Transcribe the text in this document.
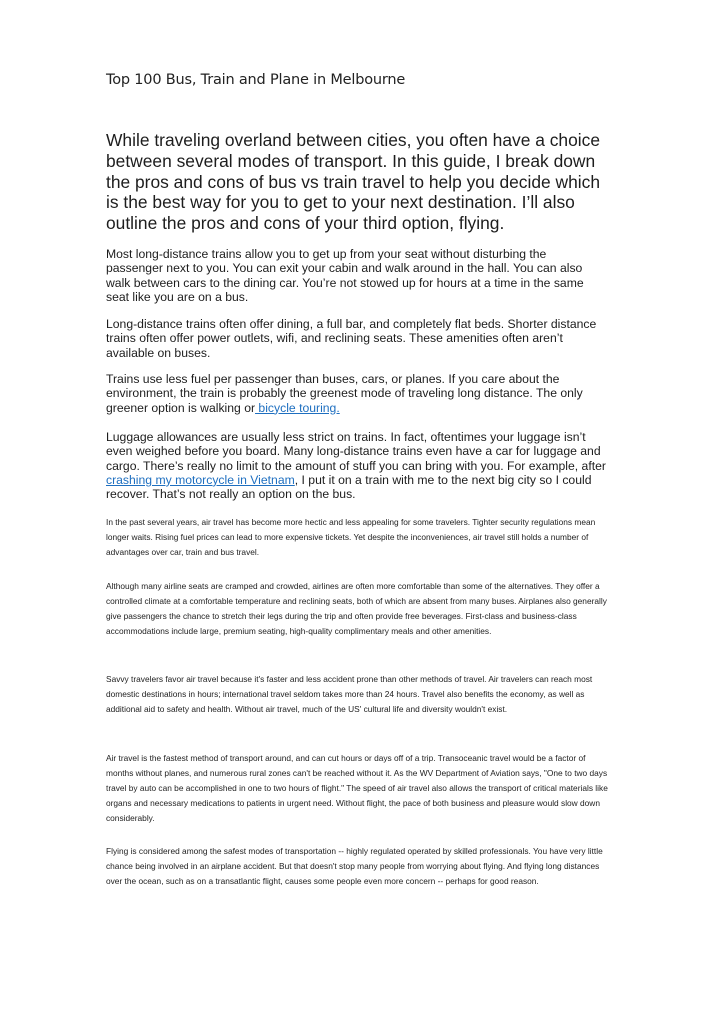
Top 100 Bus, Train and Plane in Melbourne

While traveling overland between cities, you often have a choice between several modes of transport. In this guide, I break down the pros and cons of bus vs train travel to help you decide which is the best way for you to get to your next destination. I’ll also outline the pros and cons of your third option, flying.

Most long-distance trains allow you to get up from your seat without disturbing the passenger next to you. You can exit your cabin and walk around in the hall. You can also walk between cars to the dining car. You’re not stowed up for hours at a time in the same seat like you are on a bus.

Long-distance trains often offer dining, a full bar, and completely flat beds. Shorter distance trains often offer power outlets, wifi, and reclining seats. These amenities often aren’t available on buses.

Trains use less fuel per passenger than buses, cars, or planes. If you care about the environment, the train is probably the greenest mode of traveling long distance. The only greener option is walking or bicycle touring.

Luggage allowances are usually less strict on trains. In fact, oftentimes your luggage isn’t even weighed before you board. Many long-distance trains even have a car for luggage and cargo. There’s really no limit to the amount of stuff you can bring with you. For example, after crashing my motorcycle in Vietnam, I put it on a train with me to the next big city so I could recover. That’s not really an option on the bus.

In the past several years, air travel has become more hectic and less appealing for some travelers. Tighter security regulations mean longer waits. Rising fuel prices can lead to more expensive tickets. Yet despite the inconveniences, air travel still holds a number of advantages over car, train and bus travel.

Although many airline seats are cramped and crowded, airlines are often more comfortable than some of the alternatives. They offer a controlled climate at a comfortable temperature and reclining seats, both of which are absent from many buses. Airplanes also generally give passengers the chance to stretch their legs during the trip and often provide free beverages. First-class and business-class accommodations include large, premium seating, high-quality complimentary meals and other amenities.

Savvy travelers favor air travel because it's faster and less accident prone than other methods of travel. Air travelers can reach most domestic destinations in hours; international travel seldom takes more than 24 hours. Travel also benefits the economy, as well as additional aid to safety and health. Without air travel, much of the US' cultural life and diversity wouldn't exist.

Air travel is the fastest method of transport around, and can cut hours or days off of a trip. Transoceanic travel would be a factor of months without planes, and numerous rural zones can't be reached without it. As the WV Department of Aviation says, "One to two days travel by auto can be accomplished in one to two hours of flight." The speed of air travel also allows the transport of critical materials like organs and necessary medications to patients in urgent need. Without flight, the pace of both business and pleasure would slow down considerably.

Flying is considered among the safest modes of transportation -- highly regulated operated by skilled professionals. You have very little chance being involved in an airplane accident. But that doesn't stop many people from worrying about flying. And flying long distances over the ocean, such as on a transatlantic flight, causes some people even more concern -- perhaps for good reason.
